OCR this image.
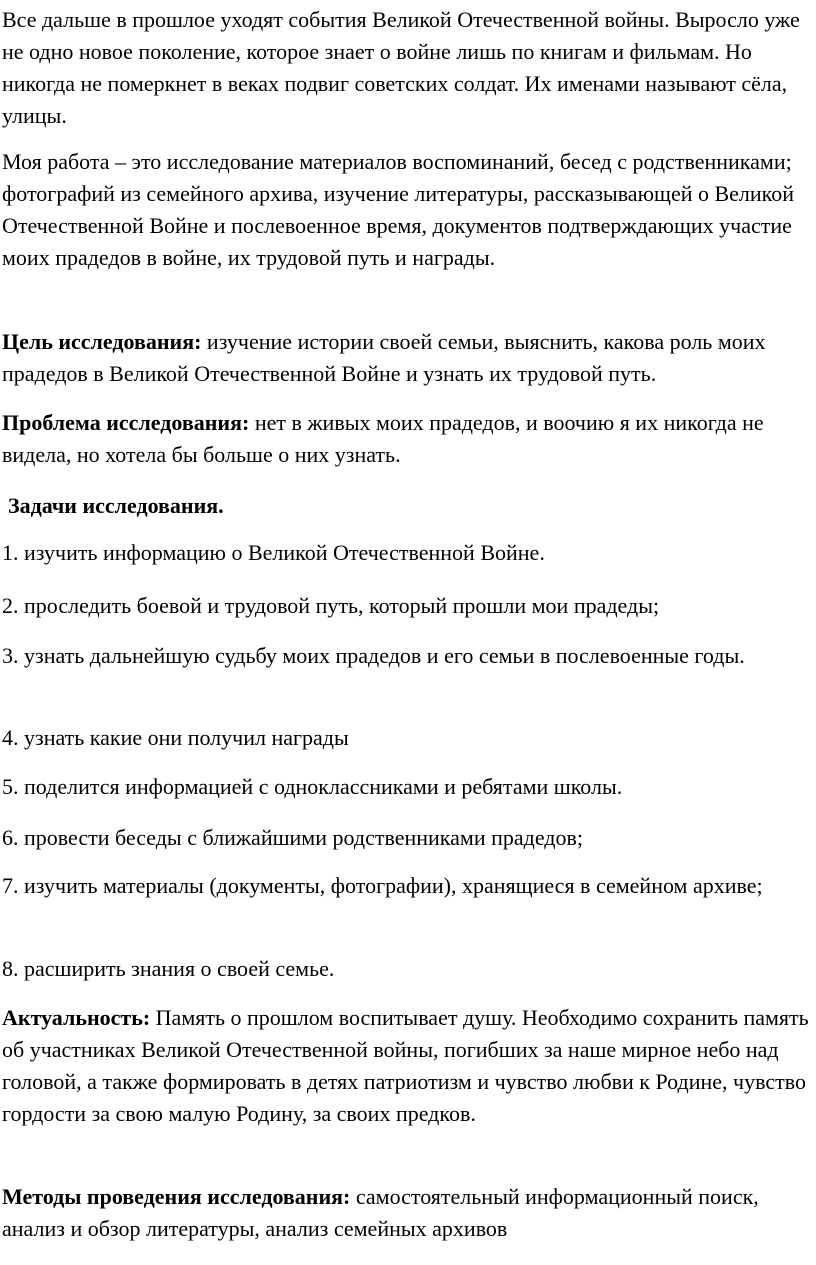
Все дальше в прошлое уходят события Великой Отечественной войны. Выросло уже не одно новое поколение, которое знает о войне лишь по книгам и фильмам. Но никогда не померкнет в веках подвиг советских солдат. Их именами называют сёла, улицы.

Моя работа – это исследование материалов воспоминаний, бесед с родственниками; фотографий из семейного архива, изучение литературы, рассказывающей о Великой Отечественной Войне и послевоенное время, документов подтверждающих участие моих прадедов в войне, их трудовой путь и награды.

Цель исследования: изучение истории своей семьи, выяснить, какова роль моих прадедов в Великой Отечественной Войне и узнать их трудовой путь.

Проблема исследования: нет в живых моих прадедов, и воочию я их никогда не видела, но хотела бы больше о них узнать.

Задачи исследования.

1. изучить информацию о Великой Отечественной Войне.

2. проследить боевой и трудовой путь, который прошли мои прадеды;

3. узнать дальнейшую судьбу моих прадедов и его семьи в послевоенные годы.

4. узнать какие они получил награды

5. поделится информацией с одноклассниками и ребятами школы.

6. провести беседы с ближайшими родственниками прадедов;

7. изучить материалы (документы, фотографии), хранящиеся в семейном архиве;

8. расширить знания о своей семье.

Актуальность: Память о прошлом воспитывает душу. Необходимо сохранить память об участниках Великой Отечественной войны, погибших за наше мирное небо над головой, а также формировать в детях патриотизм и чувство любви к Родине, чувство гордости за свою малую Родину, за своих предков.

Методы проведения исследования: самостоятельный информационный поиск, анализ и обзор литературы, анализ семейных архивов
